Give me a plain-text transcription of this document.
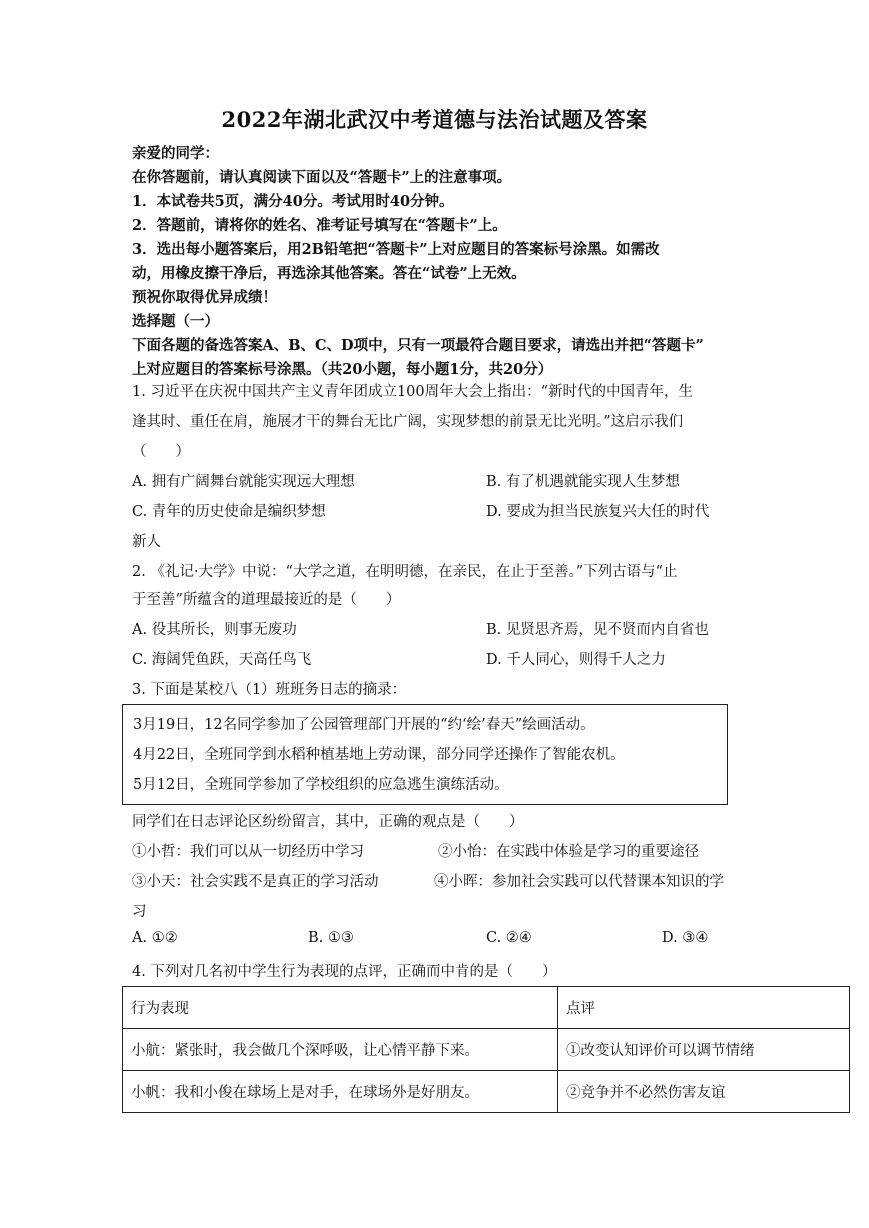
2022年湖北武汉中考道德与法治试题及答案
亲爱的同学：
在你答题前，请认真阅读下面以及“答题卡”上的注意事项。
1．本试卷共5页，满分40分。考试用时40分钟。
2．答题前，请将你的姓名、准考证号填写在“答题卡”上。
3．选出每小题答案后，用2B铅笔把“答题卡”上对应题目的答案标号涂黑。如需改
动，用橡皮擦干净后，再选涂其他答案。答在“试卷”上无效。
预祝你取得优异成绩！
选择题（一）
下面各题的备选答案A、B、C、D项中，只有一项最符合题目要求，请选出并把“答题卡”
上对应题目的答案标号涂黑。（共20小题，每小题1分，共20分）
1. 习近平在庆祝中国共产主义青年团成立100周年大会上指出：“新时代的中国青年，生
逢其时、重任在肩，施展才干的舞台无比广阔，实现梦想的前景无比光明。”这启示我们
（　　）
A. 拥有广阔舞台就能实现远大理想	B. 有了机遇就能实现人生梦想
C. 青年的历史使命是编织梦想	D. 要成为担当民族复兴大任的时代
新人
2. 《礼记·大学》中说：“大学之道，在明明德，在亲民，在止于至善。”下列古语与“止
于至善”所蕴含的道理最接近的是（　　）
A. 役其所长，则事无废功	B. 见贤思齐焉，见不贤而内自省也
C. 海阔凭鱼跃，天高任鸟飞	D. 千人同心，则得千人之力
3. 下面是某校八（1）班班务日志的摘录：
3月19日，12名同学参加了公园管理部门开展的“约‘绘’春天”绘画活动。
4月22日，全班同学到水稻种植基地上劳动课，部分同学还操作了智能农机。
5月12日，全班同学参加了学校组织的应急逃生演练活动。
同学们在日志评论区纷纷留言，其中，正确的观点是（　　）
①小哲：我们可以从一切经历中学习	②小怡：在实践中体验是学习的重要途径
③小天：社会实践不是真正的学习活动	④小晖：参加社会实践可以代替课本知识的学
习
A. ①②	B. ①③	C. ②④	D. ③④
4. 下列对几名初中学生行为表现的点评，正确而中肯的是（　　）
行为表现	点评
小航：紧张时，我会做几个深呼吸，让心情平静下来。	①改变认知评价可以调节情绪
小帆：我和小俊在球场上是对手，在球场外是好朋友。	②竞争并不必然伤害友谊
